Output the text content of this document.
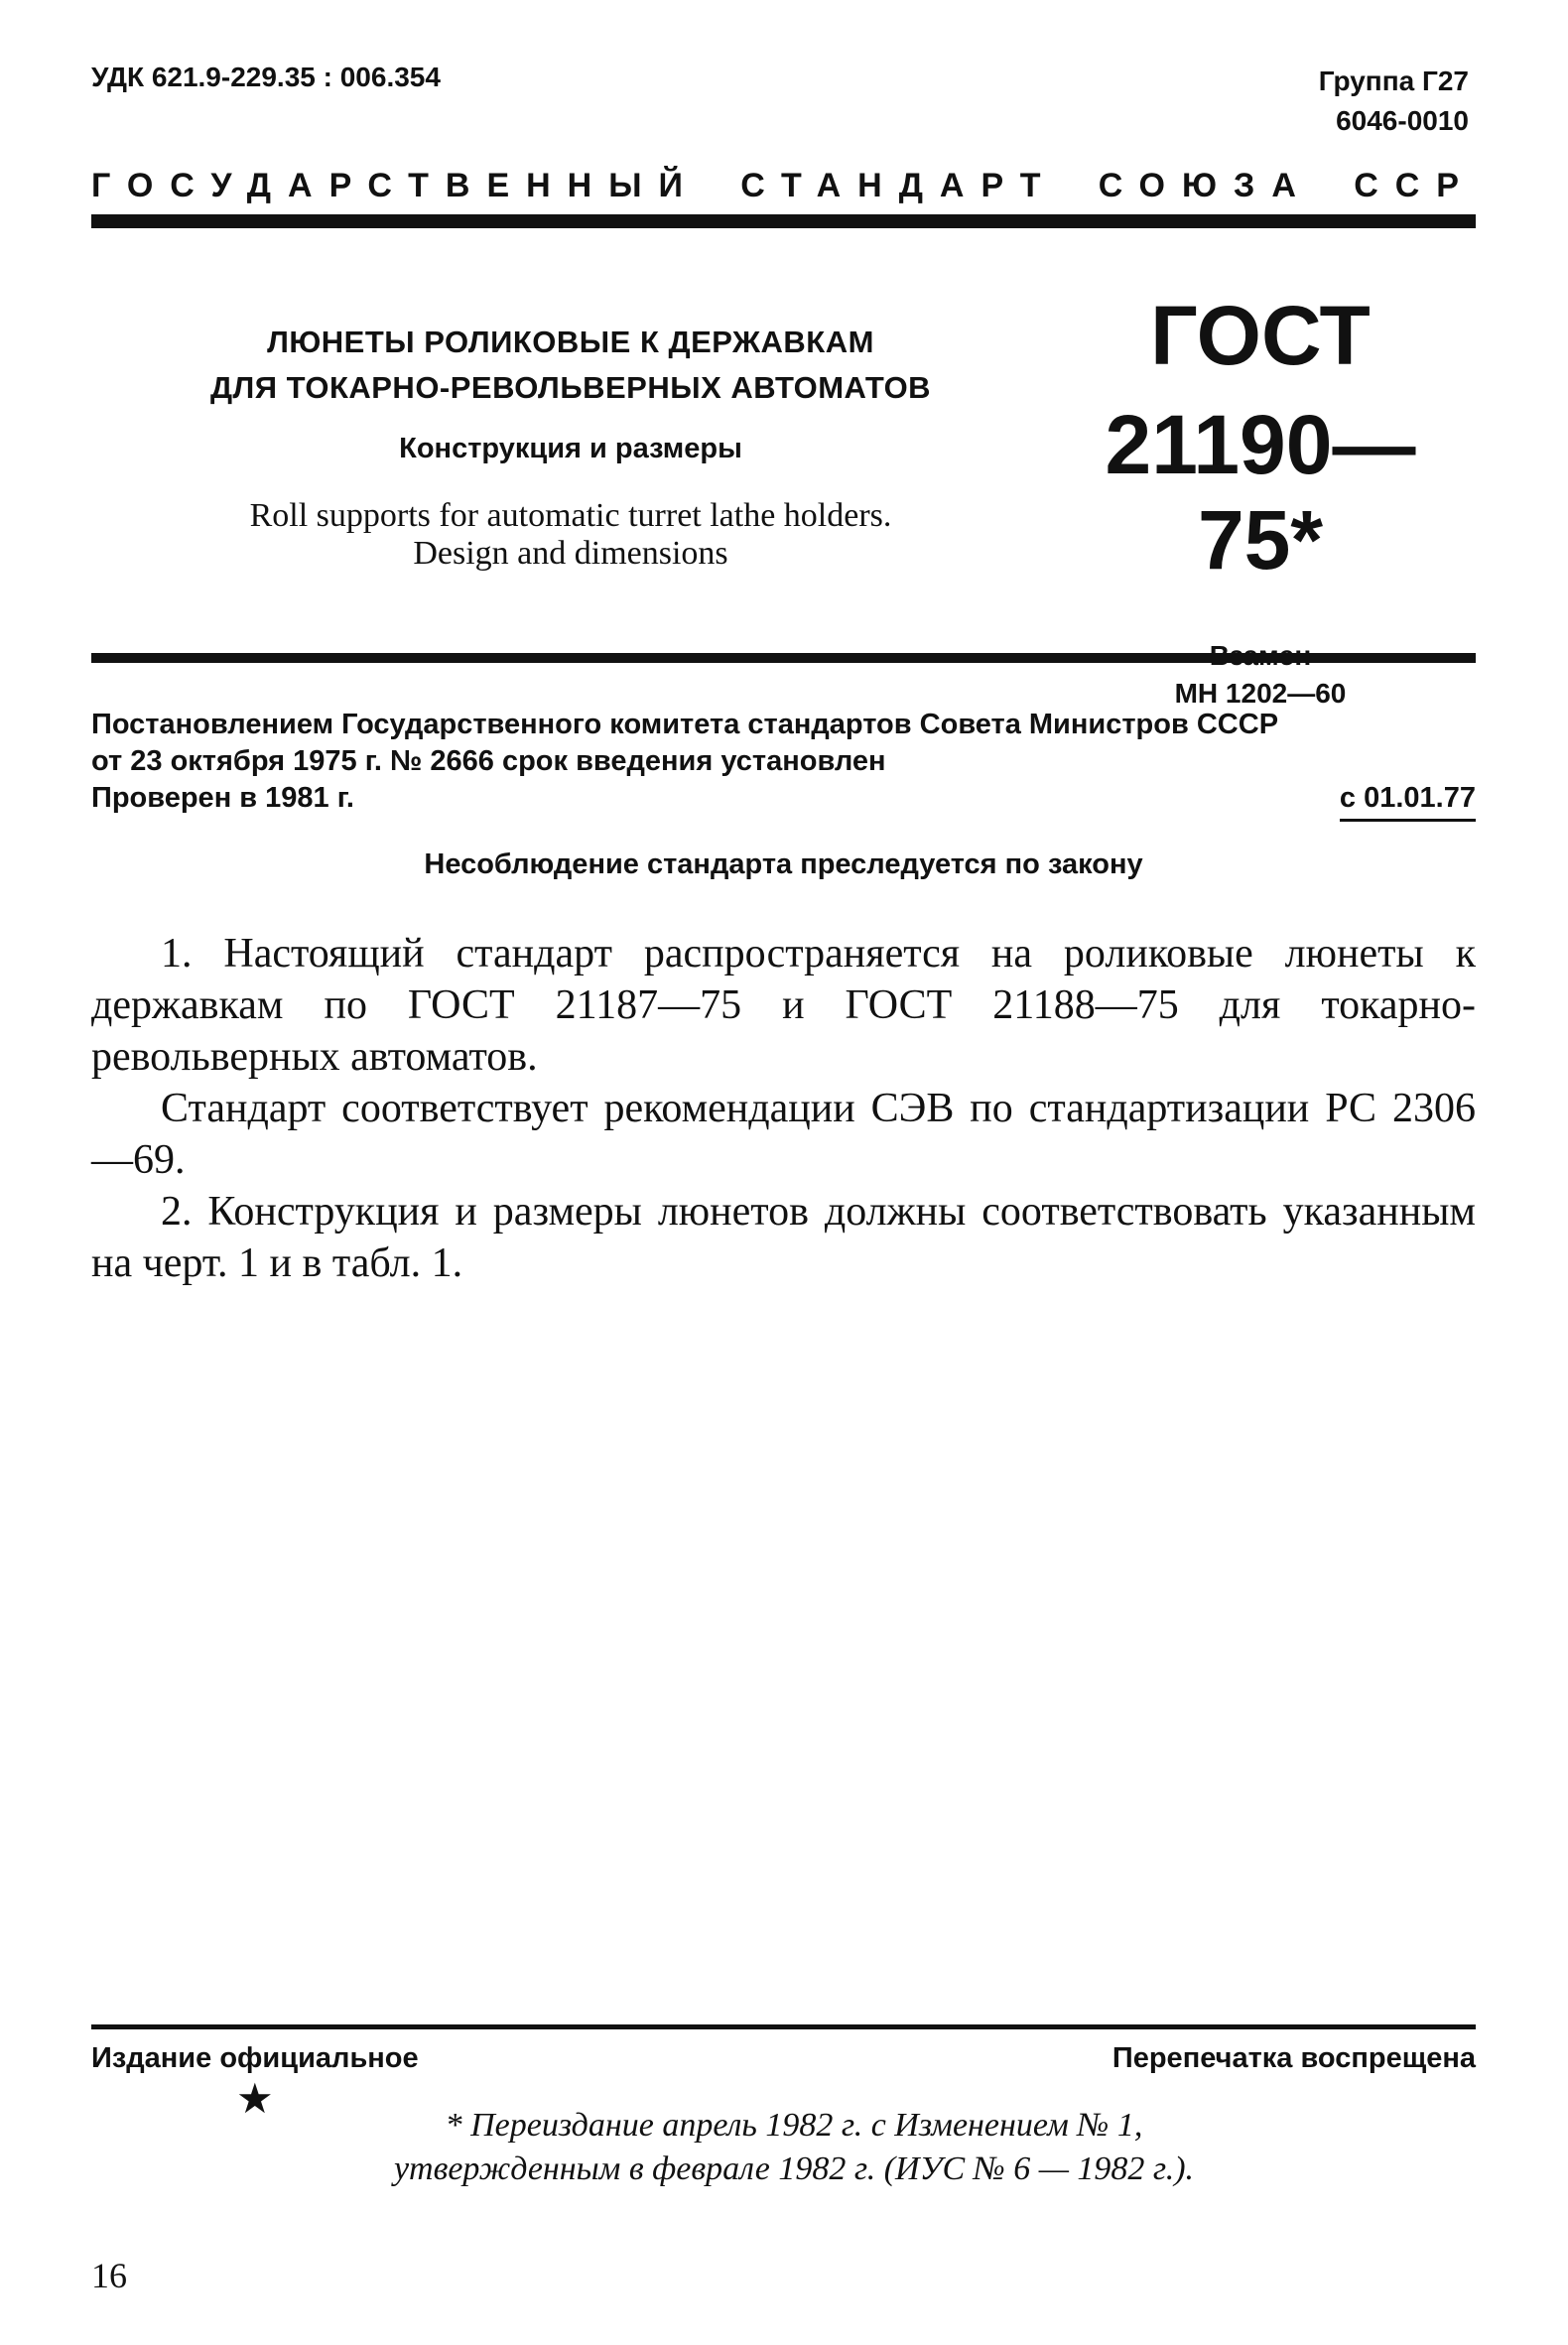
УДК 621.9-229.35 : 006.354	Группа Г27
6046-0010
ГОСУДАРСТВЕННЫЙ СТАНДАРТ СОЮЗА ССР
ЛЮНЕТЫ РОЛИКОВЫЕ К ДЕРЖАВКАМ
ДЛЯ ТОКАРНО-РЕВОЛЬВЕРНЫХ АВТОМАТОВ
Конструкция и размеры
Roll supports for automatic turret lathe holders.
Design and dimensions
ГОСТ
21190—75*
МН 1202—60
Постановлением Государственного комитета стандартов Совета Министров СССР
от 23 октября 1975 г. № 2666 срок введения установлен
Проверен в 1981 г.	с 01.01.77
Несоблюдение стандарта преследуется по закону

1. Настоящий стандарт распространяется на роликовые люнеты к державкам по ГОСТ 21187—75 и ГОСТ 21188—75 для токарно-револьверных автоматов.

Стандарт соответствует рекомендации СЭВ по стандартизации РС 2306—69.

2. Конструкция и размеры люнетов должны соответствовать указанным на черт. 1 и в табл. 1.

Издание официальное	Перепечатка воспрещена
★
* Переиздание апрель 1982 г. с Изменением № 1,
утвержденным в феврале 1982 г. (ИУС № 6 — 1982 г.).
16
